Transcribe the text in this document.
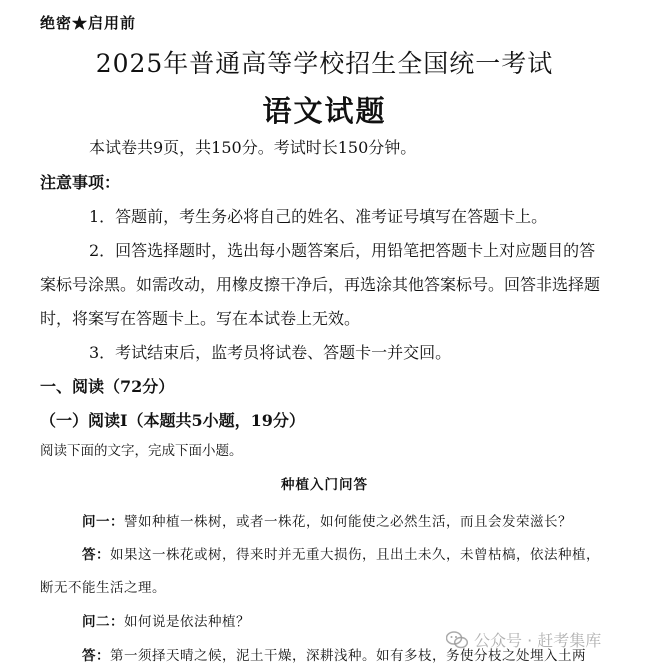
绝密★启用前
2025年普通高等学校招生全国统一考试
语文试题
本试卷共9页，共150分。考试时长150分钟。
注意事项：
1．答题前，考生务必将自己的姓名、准考证号填写在答题卡上。
2．回答选择题时，选出每小题答案后，用铅笔把答题卡上对应题目的答
案标号涂黑。如需改动，用橡皮擦干净后，再选涂其他答案标号。回答非选择题
时，将案写在答题卡上。写在本试卷上无效。
3．考试结束后，监考员将试卷、答题卡一并交回。
一、阅读（72分）
（一）阅读I（本题共5小题，19分）
阅读下面的文字，完成下面小题。
种植入门问答
问一：譬如种植一株树，或者一株花，如何能使之必然生活，而且会发荣滋长？
答：如果这一株花或树，得来时并无重大损伤，且出土未久，未曾枯槁，依法种植，
断无不能生活之理。
问二：如何说是依法种植？
答：第一须择天晴之候，泥土干燥，深耕浅种。如有多枝，务使分枝之处埋入土两
公众号 · 赶考集库
